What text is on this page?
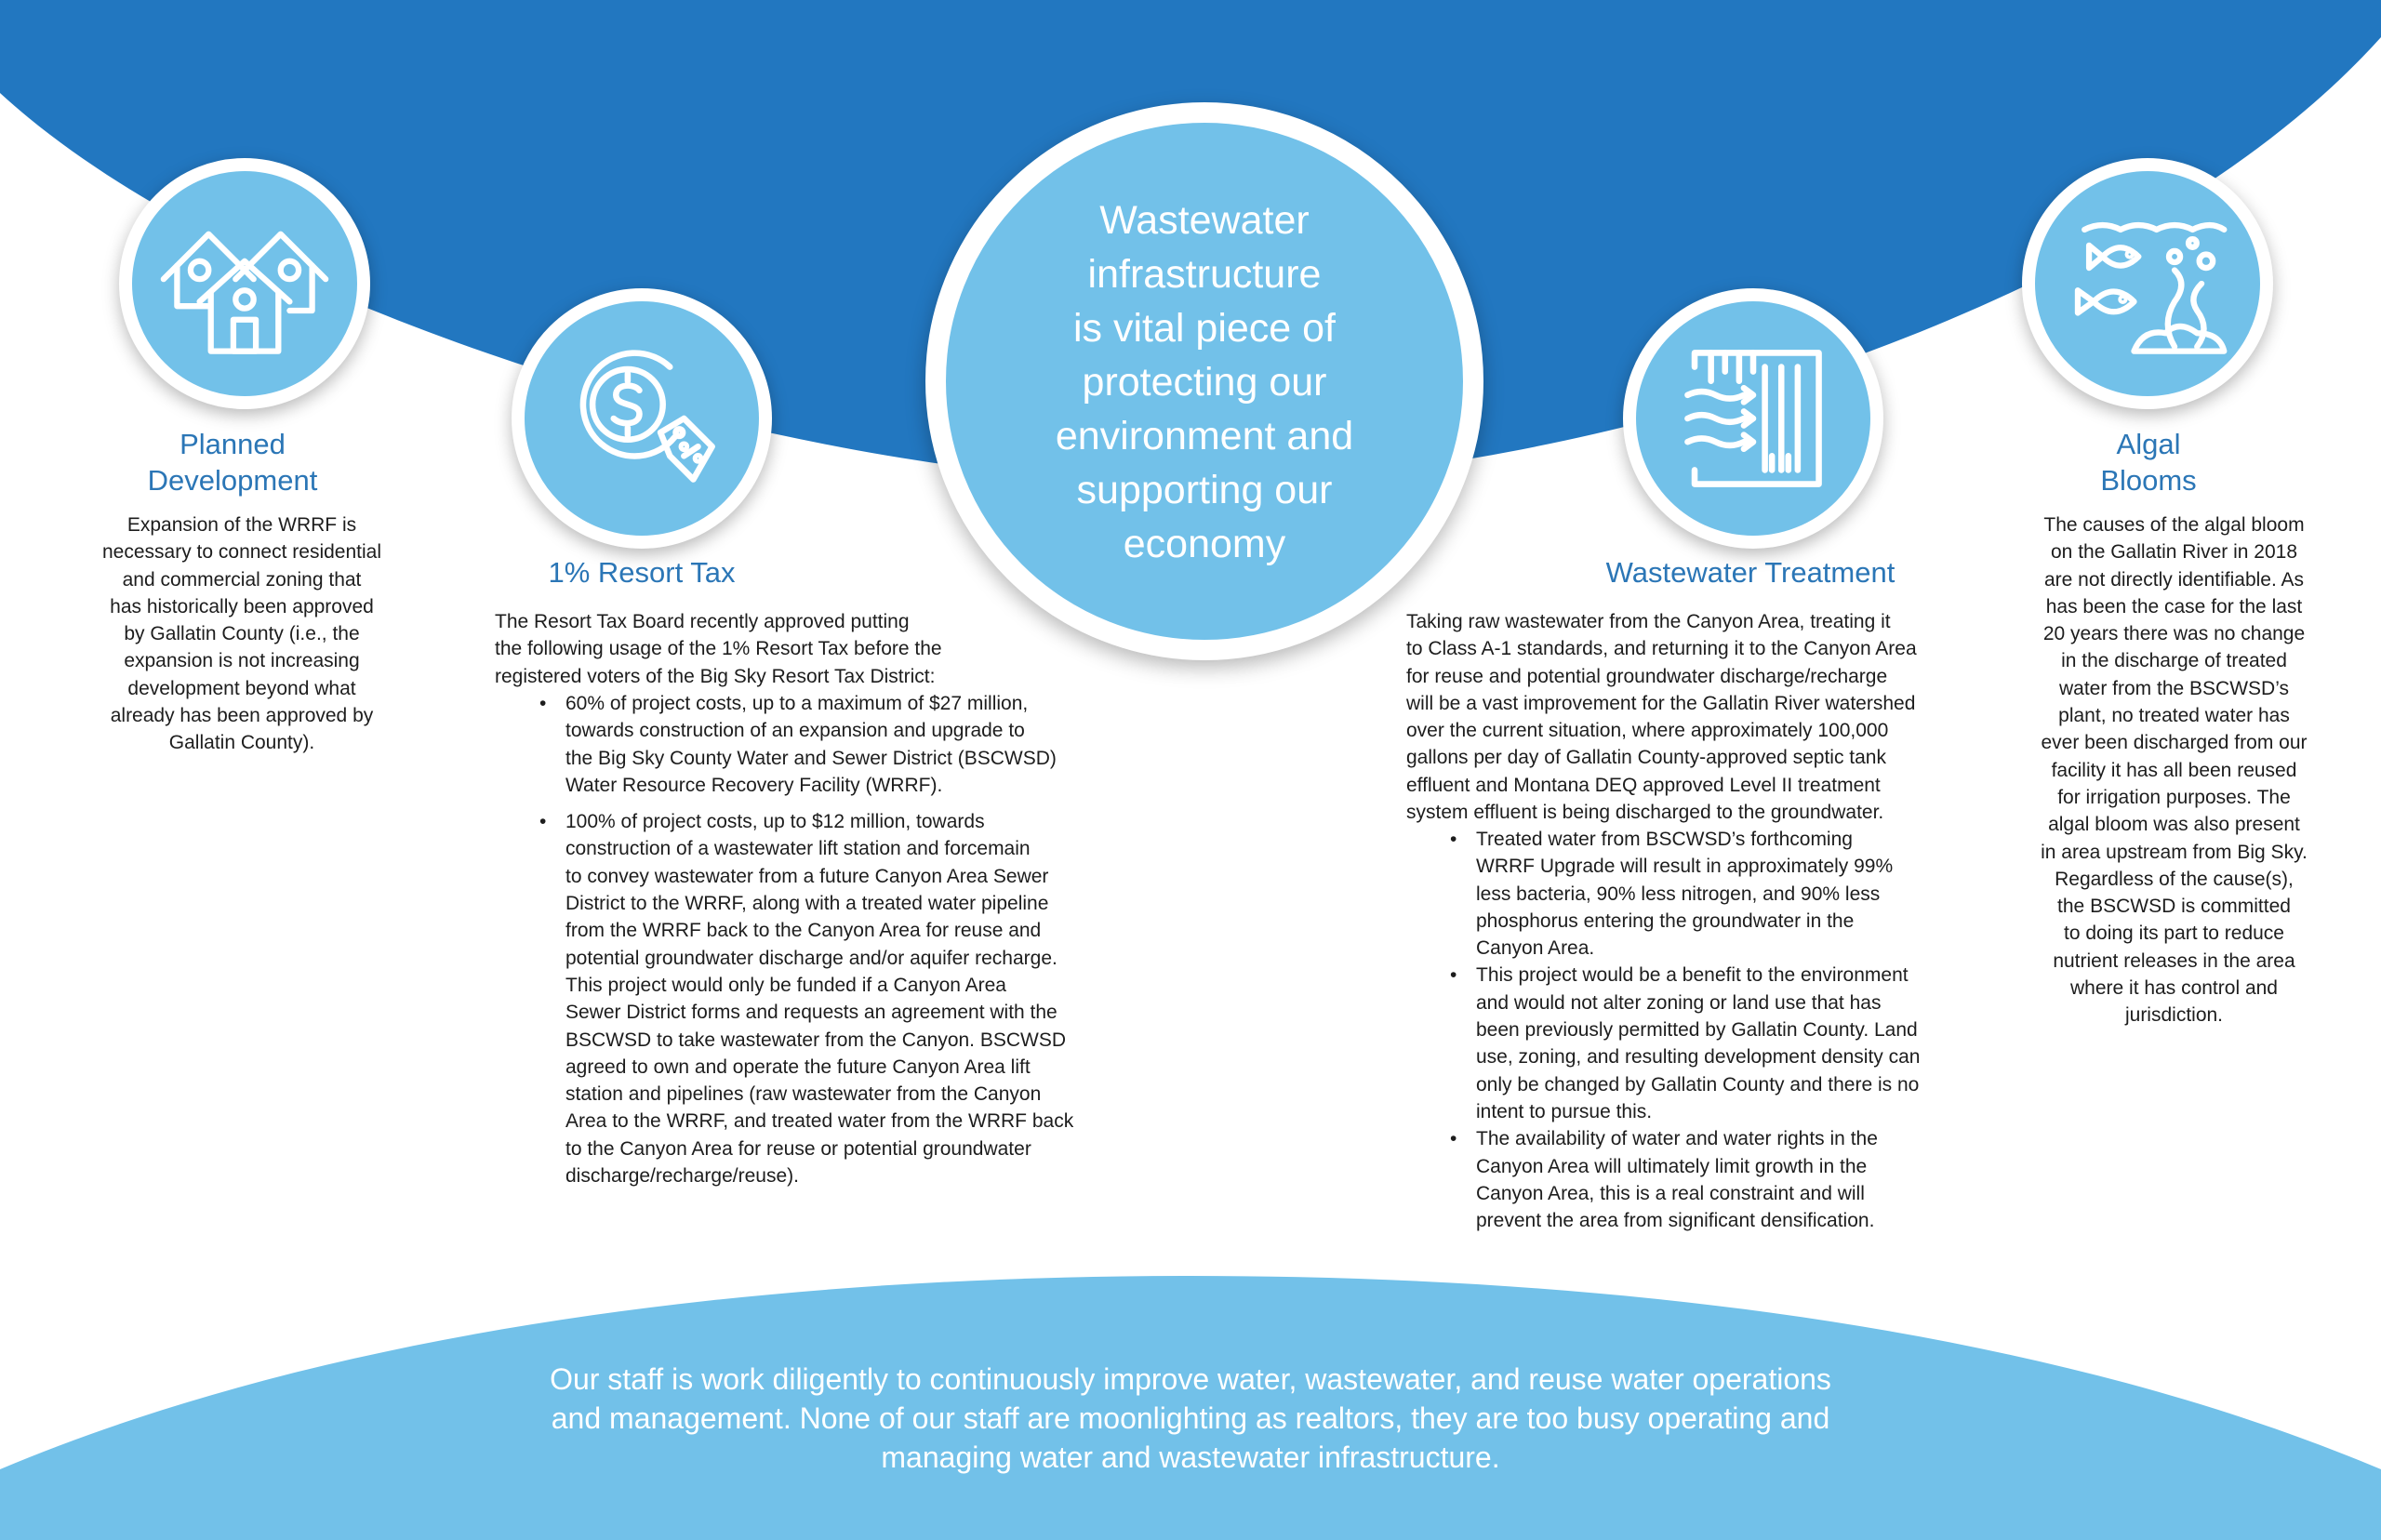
Wastewater
infrastructure
is vital piece of
protecting our
environment and
supporting our
economy
Planned
Development
Expansion of the WRRF is
necessary to connect residential
and commercial zoning that
has historically been approved
by Gallatin County (i.e., the
expansion is not increasing
development beyond what
already has been approved by
Gallatin County).
1% Resort Tax
The Resort Tax Board recently approved putting
the following usage of the 1% Resort Tax before the
registered voters of the Big Sky Resort Tax District:
• 60% of project costs, up to a maximum of $27 million,
towards construction of an expansion and upgrade to
the Big Sky County Water and Sewer District (BSCWSD)
Water Resource Recovery Facility (WRRF).
• 100% of project costs, up to $12 million, towards
construction of a wastewater lift station and forcemain
to convey wastewater from a future Canyon Area Sewer
District to the WRRF, along with a treated water pipeline
from the WRRF back to the Canyon Area for reuse and
potential groundwater discharge and/or aquifer recharge.
This project would only be funded if a Canyon Area
Sewer District forms and requests an agreement with the
BSCWSD to take wastewater from the Canyon. BSCWSD
agreed to own and operate the future Canyon Area lift
station and pipelines (raw wastewater from the Canyon
Area to the WRRF, and treated water from the WRRF back
to the Canyon Area for reuse or potential groundwater
discharge/recharge/reuse).
Wastewater Treatment
Taking raw wastewater from the Canyon Area, treating it
to Class A-1 standards, and returning it to the Canyon Area
for reuse and potential groundwater discharge/recharge
will be a vast improvement for the Gallatin River watershed
over the current situation, where approximately 100,000
gallons per day of Gallatin County-approved septic tank
effluent and Montana DEQ approved Level II treatment
system effluent is being discharged to the groundwater.
• Treated water from BSCWSD’s forthcoming
WRRF Upgrade will result in approximately 99%
less bacteria, 90% less nitrogen, and 90% less
phosphorus entering the groundwater in the
Canyon Area.
• This project would be a benefit to the environment
and would not alter zoning or land use that has
been previously permitted by Gallatin County. Land
use, zoning, and resulting development density can
only be changed by Gallatin County and there is no
intent to pursue this.
• The availability of water and water rights in the
Canyon Area will ultimately limit growth in the
Canyon Area, this is a real constraint and will
prevent the area from significant densification.
Algal
Blooms
The causes of the algal bloom
on the Gallatin River in 2018
are not directly identifiable. As
has been the case for the last
20 years there was no change
in the discharge of treated
water from the BSCWSD’s
plant, no treated water has
ever been discharged from our
facility it has all been reused
for irrigation purposes. The
algal bloom was also present
in area upstream from Big Sky.
Regardless of the cause(s),
the BSCWSD is committed
to doing its part to reduce
nutrient releases in the area
where it has control and
jurisdiction.
Our staff is work diligently to continuously improve water, wastewater, and reuse water operations
and management. None of our staff are moonlighting as realtors, they are too busy operating and
managing water and wastewater infrastructure.
